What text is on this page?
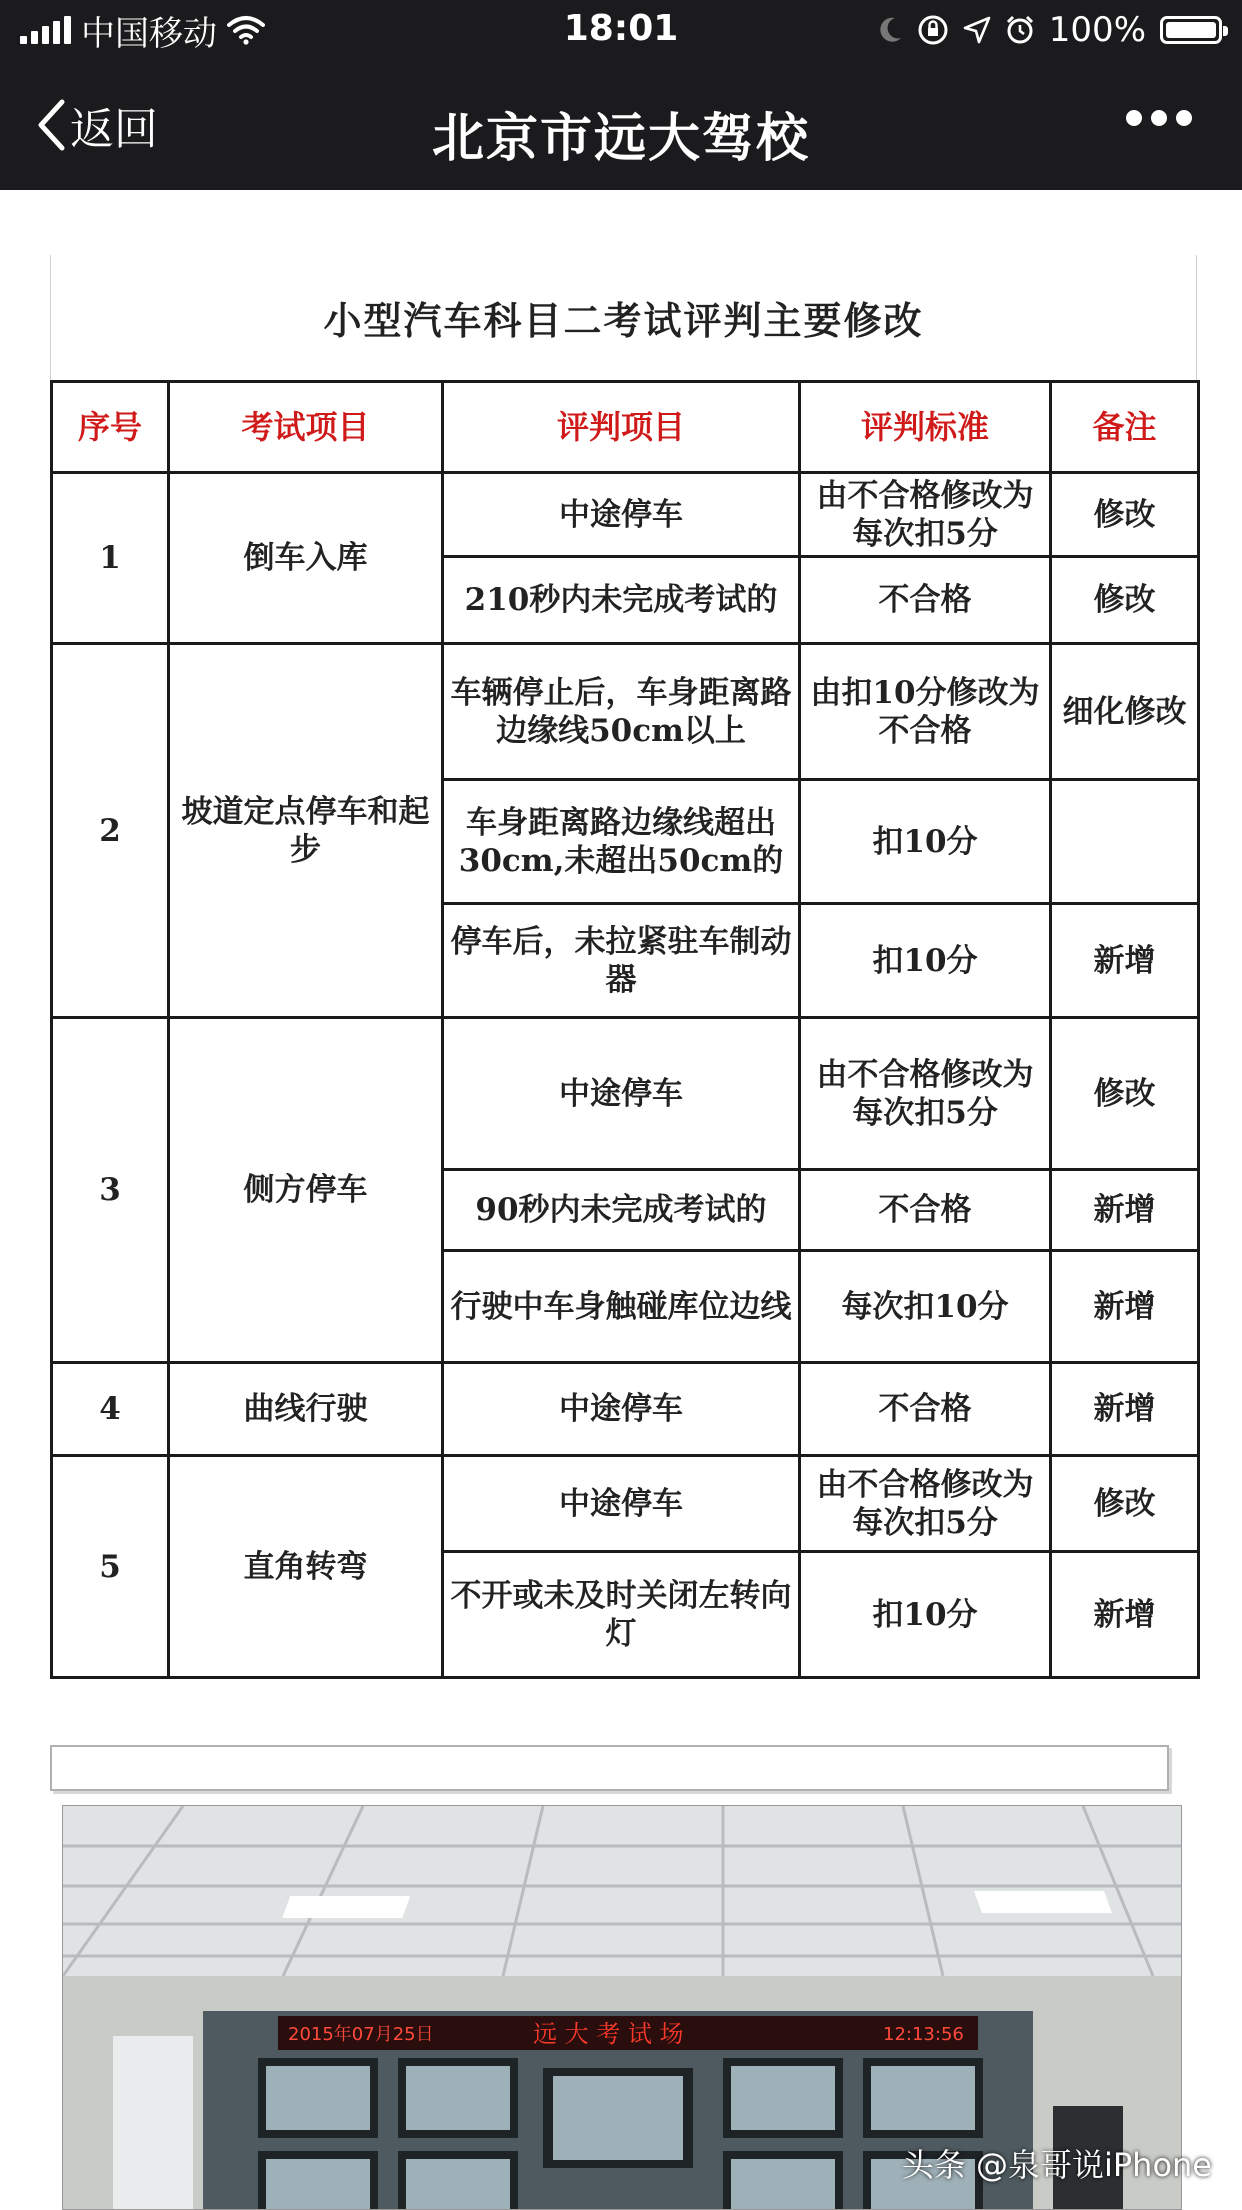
中国移动	18:01	100%
返回	北京市远大驾校
小型汽车科目二考试评判主要修改
序号	考试项目	评判项目	评判标准	备注
1	倒车入库	中途停车	由不合格修改为每次扣5分	修改
		210秒内未完成考试的	不合格	修改
2	坡道定点停车和起步	车辆停止后，车身距离路边缘线50cm以上	由扣10分修改为不合格	细化修改
		车身距离路边缘线超出30cm,未超出50cm的	扣10分	
		停车后，未拉紧驻车制动器	扣10分	新增
3	侧方停车	中途停车	由不合格修改为每次扣5分	修改
		90秒内未完成考试的	不合格	新增
		行驶中车身触碰库位边线	每次扣10分	新增
4	曲线行驶	中途停车	不合格	新增
5	直角转弯	中途停车	由不合格修改为每次扣5分	修改
		不开或未及时关闭左转向灯	扣10分	新增
2015年07月25日	远 大 考 试 场	12:13:56
头条 @泉哥说iPhone
